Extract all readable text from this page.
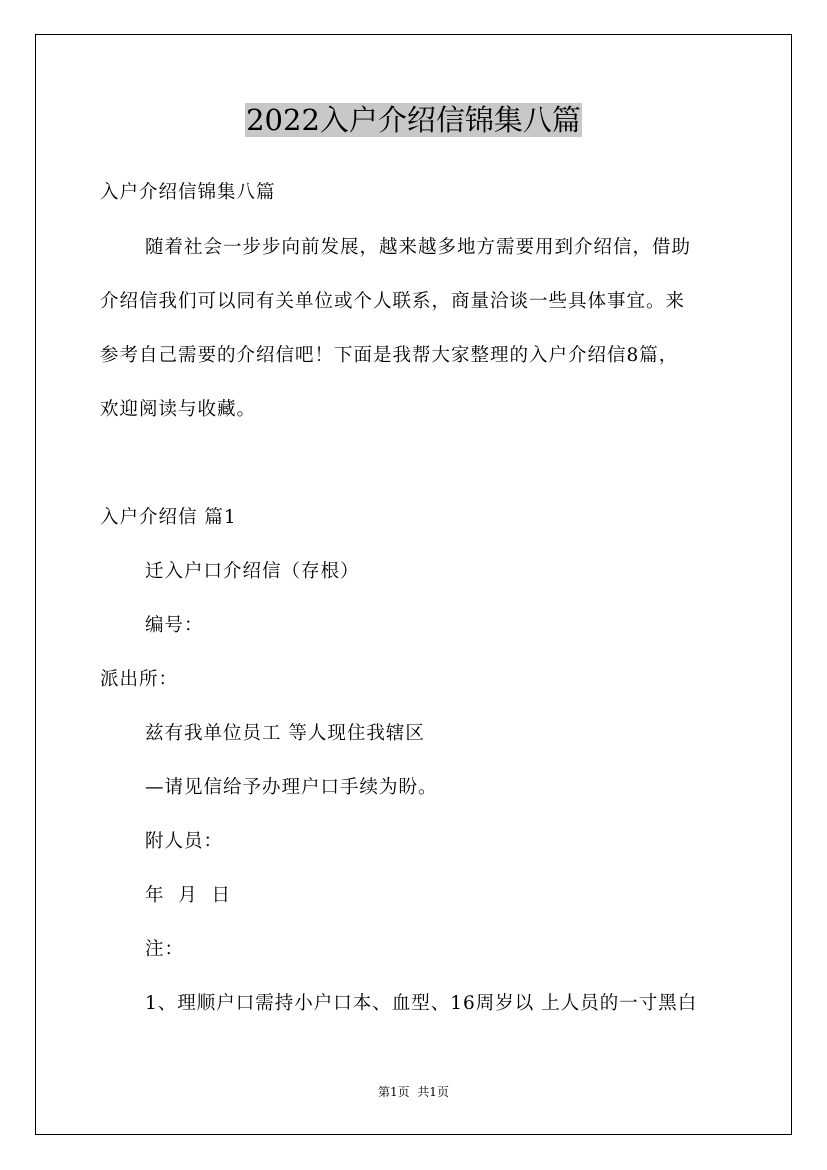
2022入户介绍信锦集八篇
入户介绍信锦集八篇
随着社会一步步向前发展，越来越多地方需要用到介绍信，借助
介绍信我们可以同有关单位或个人联系，商量洽谈一些具体事宜。来
参考自己需要的介绍信吧！下面是我帮大家整理的入户介绍信8篇，
欢迎阅读与收藏。
入户介绍信 篇1
迁入户口介绍信（存根）
编号：
派出所：
兹有我单位员工 等人现住我辖区
—请见信给予办理户口手续为盼。
附人员：
年  月  日
注：
1、理顺户口需持小户口本、血型、16周岁以 上人员的一寸黑白
第1页  共1页
